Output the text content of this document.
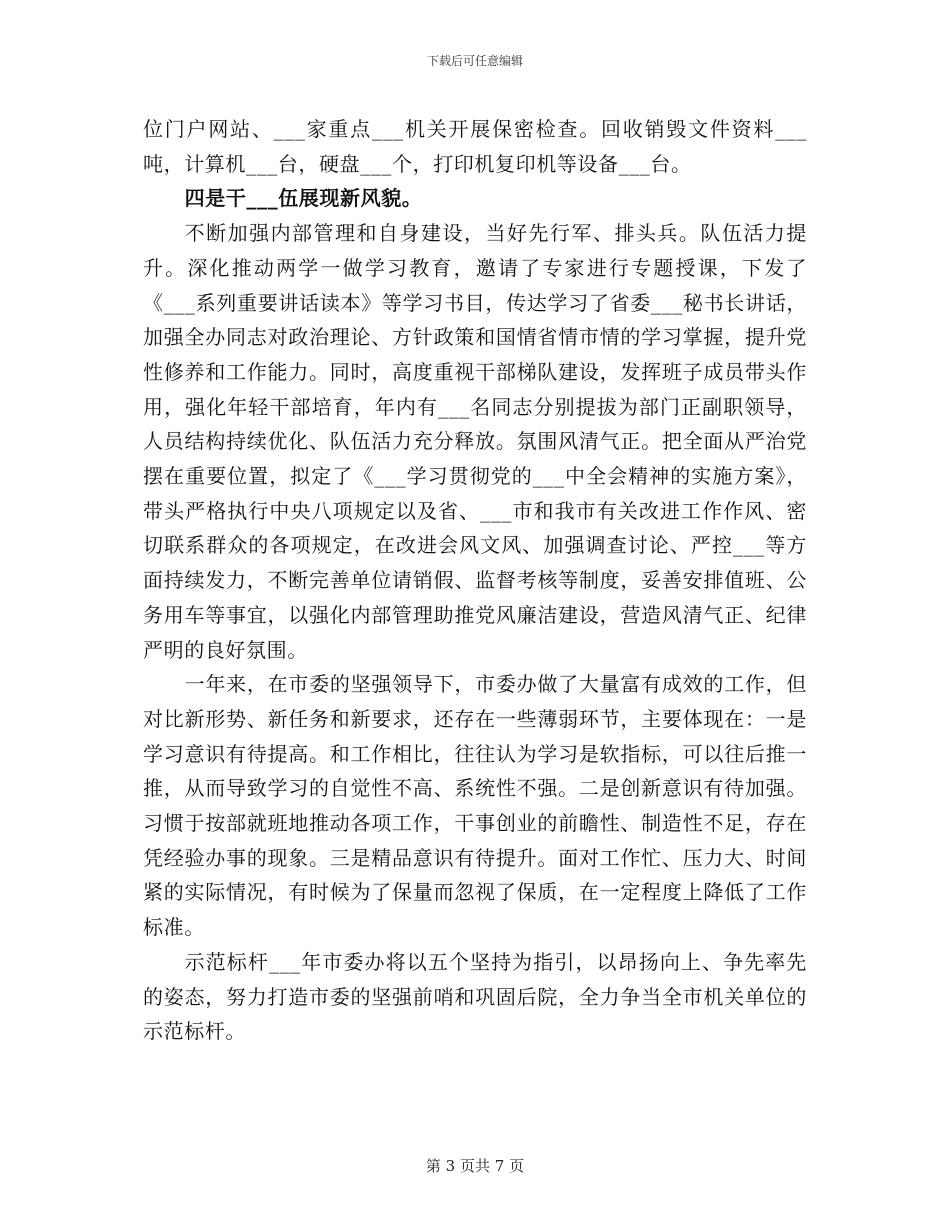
下载后可任意编辑

位门户网站、___家重点___机关开展保密检查。回收销毁文件资料___吨，计算机___台，硬盘___个，打印机复印机等设备___台。

四是干___伍展现新风貌。

不断加强内部管理和自身建设，当好先行军、排头兵。队伍活力提升。深化推动两学一做学习教育，邀请了专家进行专题授课，下发了《___系列重要讲话读本》等学习书目，传达学习了省委___秘书长讲话，加强全办同志对政治理论、方针政策和国情省情市情的学习掌握，提升党性修养和工作能力。同时，高度重视干部梯队建设，发挥班子成员带头作用，强化年轻干部培育，年内有___名同志分别提拔为部门正副职领导，人员结构持续优化、队伍活力充分释放。氛围风清气正。把全面从严治党摆在重要位置，拟定了《___学习贯彻党的___中全会精神的实施方案》，带头严格执行中央八项规定以及省、___市和我市有关改进工作作风、密切联系群众的各项规定，在改进会风文风、加强调查讨论、严控___等方面持续发力，不断完善单位请销假、监督考核等制度，妥善安排值班、公务用车等事宜，以强化内部管理助推党风廉洁建设，营造风清气正、纪律严明的良好氛围。

一年来，在市委的坚强领导下，市委办做了大量富有成效的工作，但对比新形势、新任务和新要求，还存在一些薄弱环节，主要体现在：一是学习意识有待提高。和工作相比，往往认为学习是软指标，可以往后推一推，从而导致学习的自觉性不高、系统性不强。二是创新意识有待加强。习惯于按部就班地推动各项工作，干事创业的前瞻性、制造性不足，存在凭经验办事的现象。三是精品意识有待提升。面对工作忙、压力大、时间紧的实际情况，有时候为了保量而忽视了保质，在一定程度上降低了工作标准。

示范标杆___年市委办将以五个坚持为指引，以昂扬向上、争先率先的姿态，努力打造市委的坚强前哨和巩固后院，全力争当全市机关单位的示范标杆。

第 3 页共 7 页
